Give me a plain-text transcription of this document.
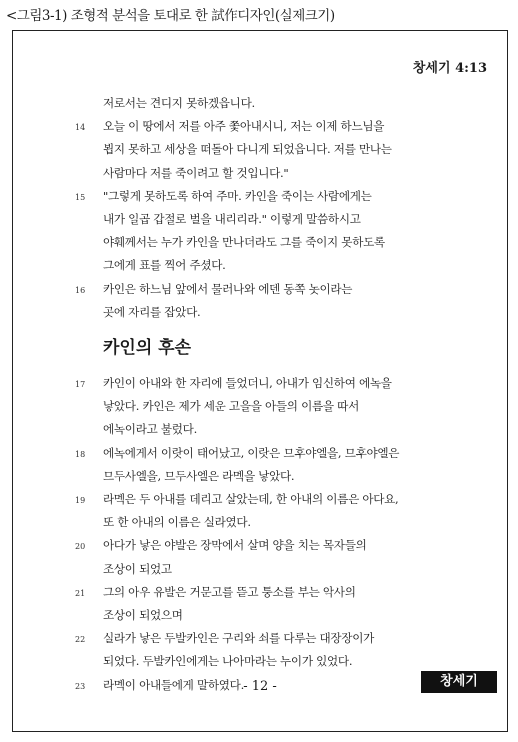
<그림3-1) 조형적 분석을 토대로 한 試作디자인(실제크기)
창세기 4:13
저로서는 견디지 못하겠읍니다.
14 오늘 이 땅에서 저를 아주 쫓아내시니, 저는 이제 하느님을
뵙지 못하고 세상을 떠돌아 다니게 되었읍니다. 저를 만나는
사람마다 저를 죽이려고 할 것입니다."
15 "그렇게 못하도록 하여 주마. 카인을 죽이는 사람에게는
내가 일곱 갑절로 벌을 내리리라." 이렇게 말씀하시고
야훼께서는 누가 카인을 만나더라도 그를 죽이지 못하도록
그에게 표를 찍어 주셨다.
16 카인은 하느님 앞에서 물러나와 에덴 동쪽 놋이라는
곳에 자리를 잡았다.
카인의 후손
17 카인이 아내와 한 자리에 들었더니, 아내가 임신하여 에녹을
낳았다. 카인은 제가 세운 고을을 아들의 이름을 따서
에녹이라고 불렀다.
18 에녹에게서 이랏이 태어났고, 이랏은 므후야엘을, 므후야엘은
므두사엘을, 므두사엘은 라멕을 낳았다.
19 라멕은 두 아내를 데리고 살았는데, 한 아내의 이름은 아다요,
또 한 아내의 이름은 실라였다.
20 아다가 낳은 야발은 장막에서 살며 양을 치는 목자들의
조상이 되었고
21 그의 아우 유발은 거문고를 뜯고 퉁소를 부는 악사의
조상이 되었으며
22 실라가 낳은 두발카인은 구리와 쇠를 다루는 대장장이가
되었다. 두발카인에게는 나아마라는 누이가 있었다.
23 라멕이 아내들에게 말하였다. - 12 -	창세기
